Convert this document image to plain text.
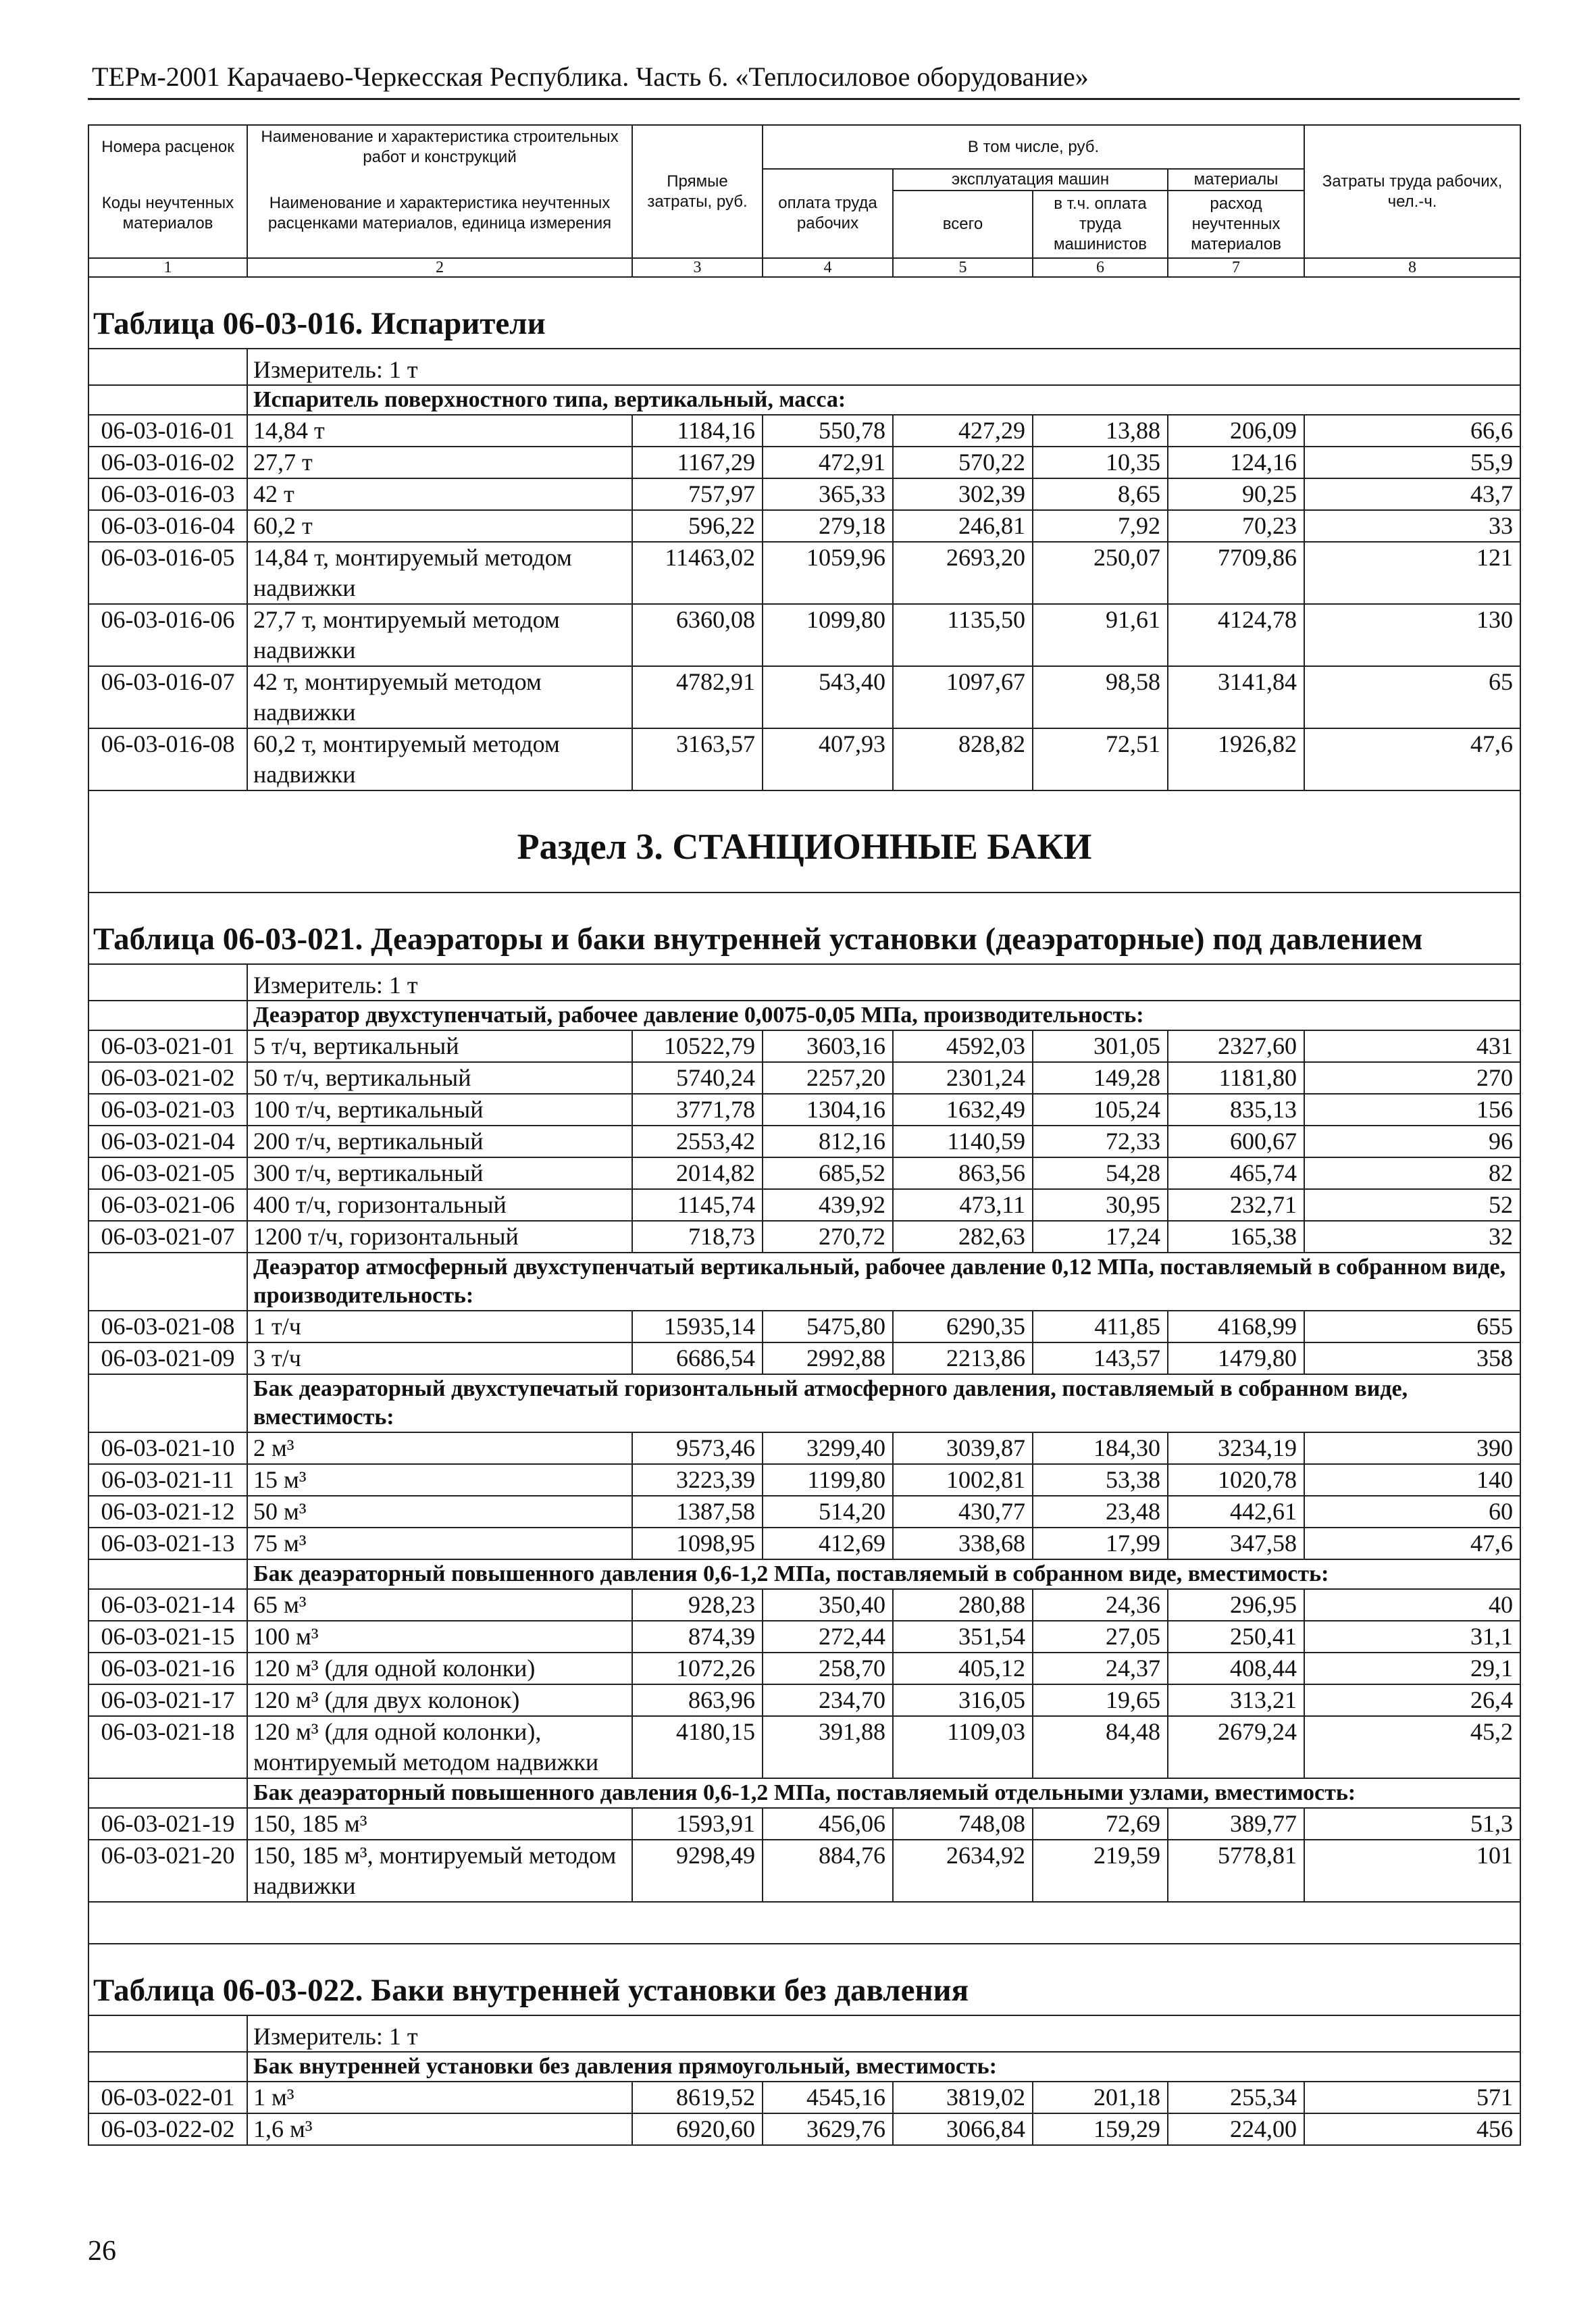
ТЕРм-2001 Карачаево-Черкесская Республика. Часть 6. «Теплосиловое оборудование»
Номера расценок	Наименование и характеристика строительных работ и конструкций	Прямые затраты, руб.	В том числе, руб.				Затраты труда рабочих, чел.-ч.	
Коды неучтенных материалов	Наименование и характеристика неучтенных расценками материалов, единица измерения		оплата труда рабочих	эксплуатация машин		материалы		
				всего	в т.ч. оплата труда машинистов	расход неучтенных материалов		

1	2	3	4	5	6	7	8	
Таблица 06-03-016. Испарители								
	Измеритель: 1 т							
	Испаритель поверхностного типа, вертикальный, масса:							
06-03-016-01	14,84 т	1184,16	550,78	427,29	13,88	206,09	66,6	
06-03-016-02	27,7 т	1167,29	472,91	570,22	10,35	124,16	55,9	
06-03-016-03	42 т	757,97	365,33	302,39	8,65	90,25	43,7	
06-03-016-04	60,2 т	596,22	279,18	246,81	7,92	70,23	33	
06-03-016-05	14,84 т, монтируемый методом надвижки	11463,02	1059,96	2693,20	250,07	7709,86	121	
06-03-016-06	27,7 т, монтируемый методом надвижки	6360,08	1099,80	1135,50	91,61	4124,78	130	
06-03-016-07	42 т, монтируемый методом надвижки	4782,91	543,40	1097,67	98,58	3141,84	65	
06-03-016-08	60,2 т, монтируемый методом надвижки	3163,57	407,93	828,82	72,51	1926,82	47,6	
Раздел 3. СТАНЦИОННЫЕ БАКИ								
Таблица 06-03-021. Деаэраторы и баки внутренней установки (деаэраторные) под давлением								
	Измеритель: 1 т							
	Деаэратор двухступенчатый, рабочее давление 0,0075-0,05 МПа, производительность:							
06-03-021-01	5 т/ч, вертикальный	10522,79	3603,16	4592,03	301,05	2327,60	431	
06-03-021-02	50 т/ч, вертикальный	5740,24	2257,20	2301,24	149,28	1181,80	270	
06-03-021-03	100 т/ч, вертикальный	3771,78	1304,16	1632,49	105,24	835,13	156	
06-03-021-04	200 т/ч, вертикальный	2553,42	812,16	1140,59	72,33	600,67	96	
06-03-021-05	300 т/ч, вертикальный	2014,82	685,52	863,56	54,28	465,74	82	
06-03-021-06	400 т/ч, горизонтальный	1145,74	439,92	473,11	30,95	232,71	52	
06-03-021-07	1200 т/ч, горизонтальный	718,73	270,72	282,63	17,24	165,38	32	
	Деаэратор атмосферный двухступенчатый вертикальный, рабочее давление 0,12 МПа, поставляемый в собранном виде, производительность:							
06-03-021-08	1 т/ч	15935,14	5475,80	6290,35	411,85	4168,99	655	
06-03-021-09	3 т/ч	6686,54	2992,88	2213,86	143,57	1479,80	358	
	Бак деаэраторный двухступечатый горизонтальный атмосферного давления, поставляемый в собранном виде, вместимость:							
06-03-021-10	2 м³	9573,46	3299,40	3039,87	184,30	3234,19	390	
06-03-021-11	15 м³	3223,39	1199,80	1002,81	53,38	1020,78	140	
06-03-021-12	50 м³	1387,58	514,20	430,77	23,48	442,61	60	
06-03-021-13	75 м³	1098,95	412,69	338,68	17,99	347,58	47,6	
	Бак деаэраторный повышенного давления 0,6-1,2 МПа, поставляемый в собранном виде, вместимость:							
06-03-021-14	65 м³	928,23	350,40	280,88	24,36	296,95	40	
06-03-021-15	100 м³	874,39	272,44	351,54	27,05	250,41	31,1	
06-03-021-16	120 м³ (для одной колонки)	1072,26	258,70	405,12	24,37	408,44	29,1	
06-03-021-17	120 м³ (для двух колонок)	863,96	234,70	316,05	19,65	313,21	26,4	
06-03-021-18	120 м³ (для одной колонки), монтируемый методом надвижки	4180,15	391,88	1109,03	84,48	2679,24	45,2	
	Бак деаэраторный повышенного давления 0,6-1,2 МПа, поставляемый отдельными узлами, вместимость:							
06-03-021-19	150, 185 м³	1593,91	456,06	748,08	72,69	389,77	51,3	
06-03-021-20	150, 185 м³, монтируемый методом надвижки	9298,49	884,76	2634,92	219,59	5778,81	101	

Таблица 06-03-022. Баки внутренней установки без давления								
	Измеритель: 1 т							
	Бак внутренней установки без давления прямоугольный, вместимость:							
06-03-022-01	1 м³	8619,52	4545,16	3819,02	201,18	255,34	571	
06-03-022-02	1,6 м³	6920,60	3629,76	3066,84	159,29	224,00	456	
26
